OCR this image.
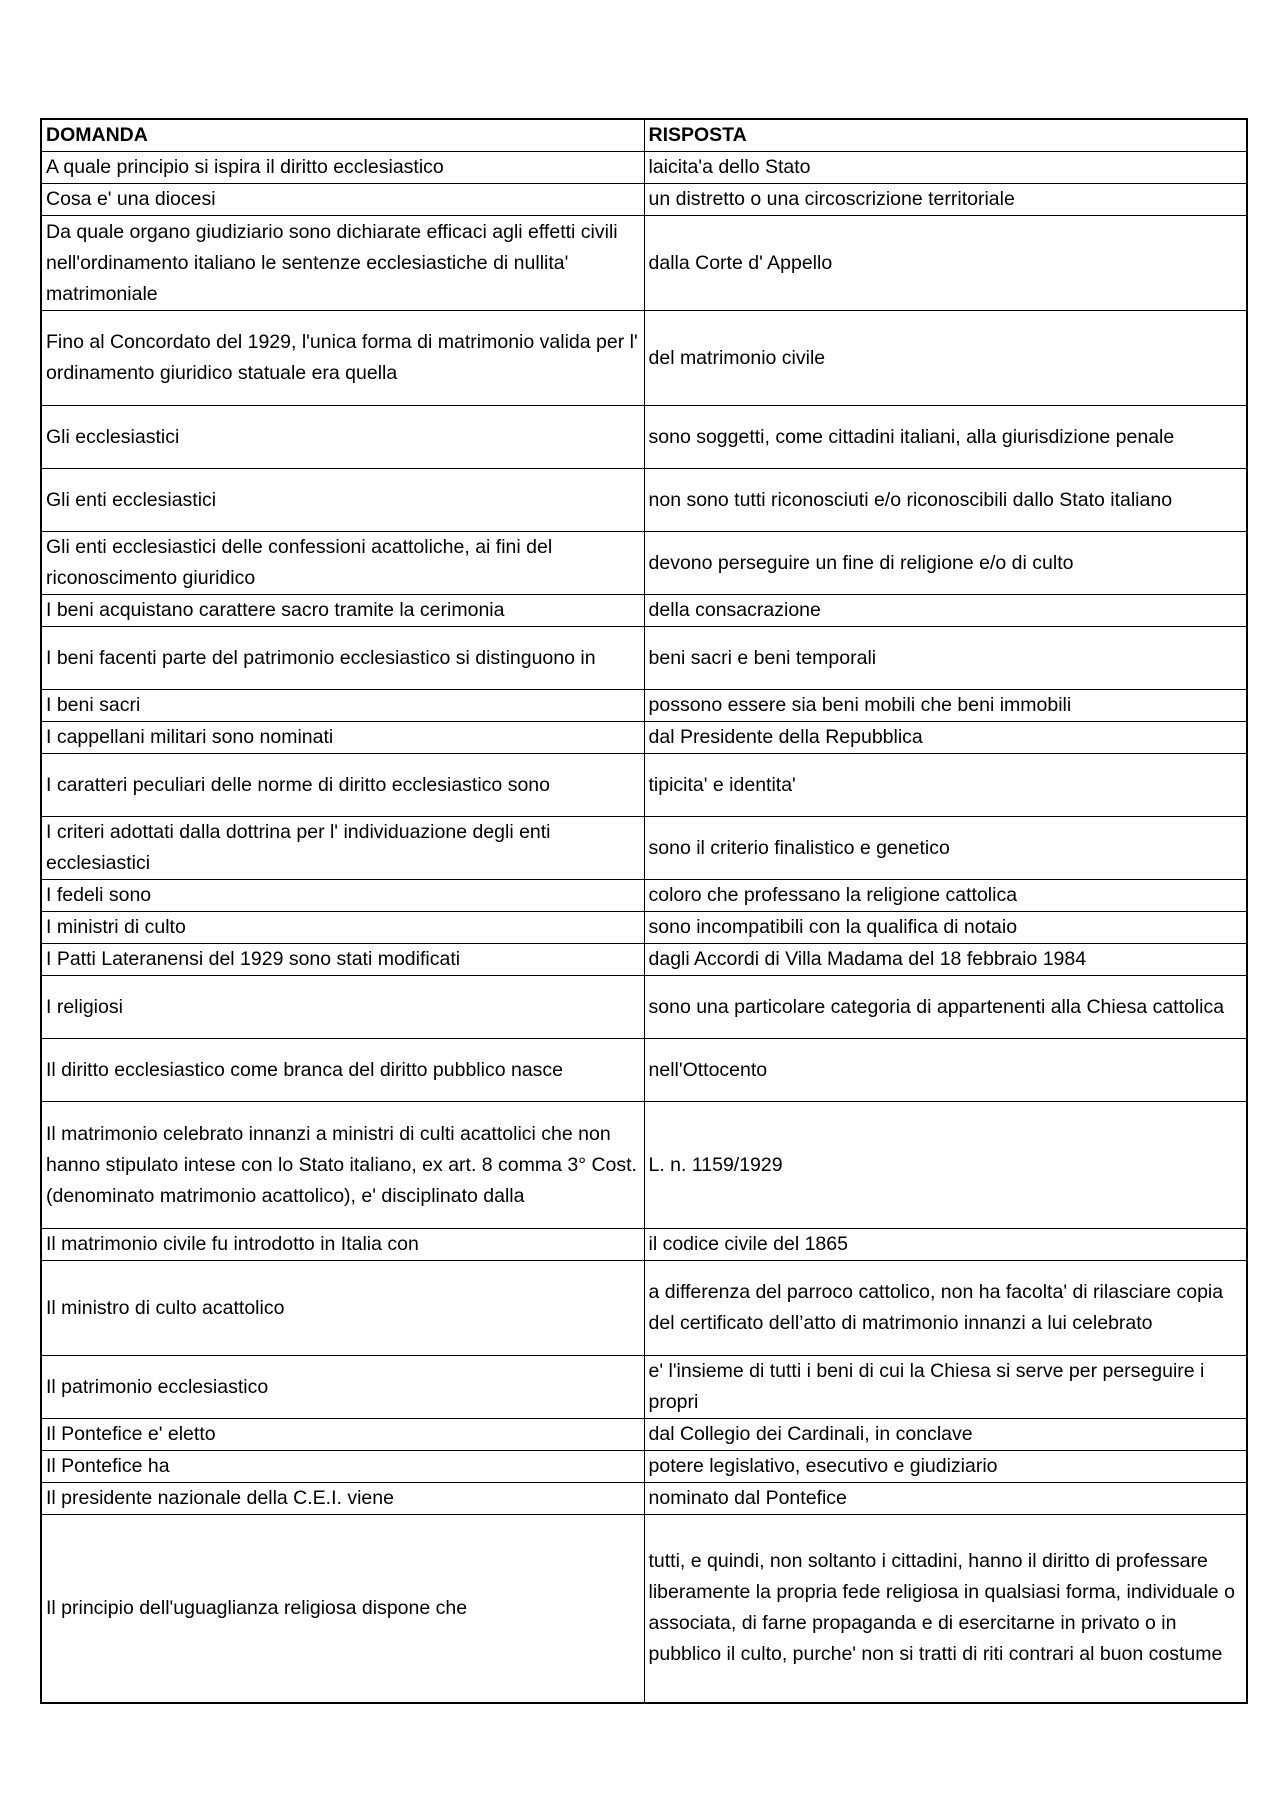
DOMANDA	RISPOSTA
A quale principio si ispira il diritto ecclesiastico	laicita'a dello Stato
Cosa e' una diocesi	un distretto o una circoscrizione territoriale
Da quale organo giudiziario sono dichiarate efficaci agli effetti civili nell'ordinamento italiano le sentenze ecclesiastiche di nullita' matrimoniale	dalla Corte d' Appello
Fino al Concordato del 1929, l'unica forma di matrimonio valida per l' ordinamento giuridico statuale era quella	del matrimonio civile
Gli ecclesiastici	sono soggetti, come cittadini italiani, alla giurisdizione penale
Gli enti ecclesiastici	non sono tutti riconosciuti e/o riconoscibili dallo Stato italiano
Gli enti ecclesiastici delle confessioni acattoliche, ai fini del riconoscimento giuridico	devono perseguire un fine di religione e/o di culto
I beni acquistano carattere sacro tramite la cerimonia	della consacrazione
I beni facenti parte del patrimonio ecclesiastico si distinguono in	beni sacri e beni temporali
I beni sacri	possono essere sia beni mobili che beni immobili
I cappellani militari sono nominati	dal Presidente della Repubblica
I caratteri peculiari delle norme di diritto ecclesiastico sono	tipicita' e identita'
I criteri adottati dalla dottrina per l' individuazione degli enti ecclesiastici	sono il criterio finalistico e genetico
I fedeli sono	coloro che professano la religione cattolica
I ministri di culto	sono incompatibili con la qualifica di notaio
I Patti Lateranensi del 1929 sono stati modificati	dagli Accordi di Villa Madama del 18 febbraio 1984
I religiosi	sono una particolare categoria di appartenenti alla Chiesa cattolica
Il diritto ecclesiastico come branca del diritto pubblico nasce	nell'Ottocento
Il matrimonio celebrato innanzi a ministri di culti acattolici che non hanno stipulato intese con lo Stato italiano, ex art. 8 comma 3° Cost. (denominato matrimonio acattolico), e' disciplinato dalla	L. n. 1159/1929
Il matrimonio civile fu introdotto in Italia con	il codice civile del 1865
Il ministro di culto acattolico	a differenza del parroco cattolico, non ha facolta' di rilasciare copia del certificato dell’atto di matrimonio innanzi a lui celebrato
Il patrimonio ecclesiastico	e' l'insieme di tutti i beni di cui la Chiesa si serve per perseguire i propri
Il Pontefice e' eletto	dal Collegio dei Cardinali, in conclave
Il Pontefice ha	potere legislativo, esecutivo e giudiziario
Il presidente nazionale della C.E.I. viene	nominato dal Pontefice
Il principio dell'uguaglianza religiosa dispone che	tutti, e quindi, non soltanto i cittadini, hanno il diritto di professare liberamente la propria fede religiosa in qualsiasi forma, individuale o associata, di farne propaganda e di esercitarne in privato o in pubblico il culto, purche' non si tratti di riti contrari al buon costume
